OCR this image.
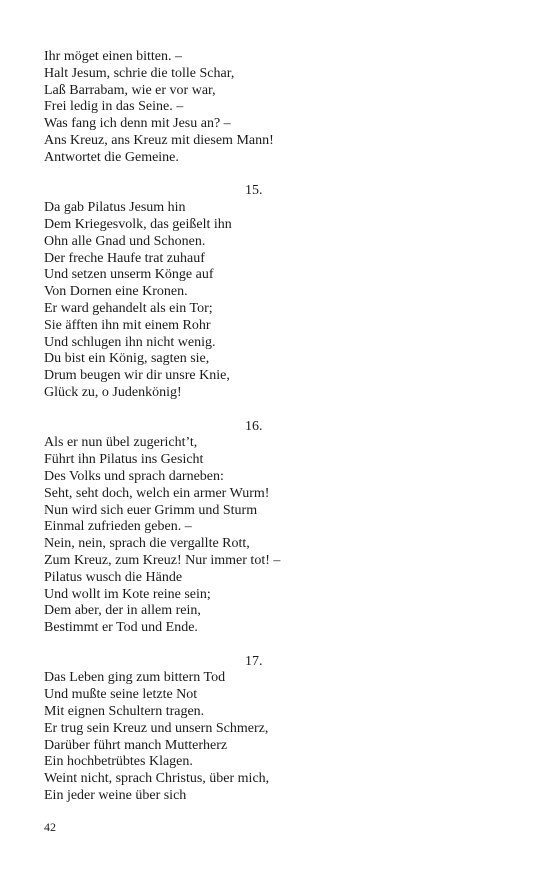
Ihr möget einen bitten. –
Halt Jesum, schrie die tolle Schar,
Laß Barrabam, wie er vor war,
Frei ledig in das Seine. –
Was fang ich denn mit Jesu an? –
Ans Kreuz, ans Kreuz mit diesem Mann!
Antwortet die Gemeine.
15.
Da gab Pilatus Jesum hin
Dem Kriegesvolk, das geißelt ihn
Ohn alle Gnad und Schonen.
Der freche Haufe trat zuhauf
Und setzen unserm Könge auf
Von Dornen eine Kronen.
Er ward gehandelt als ein Tor;
Sie äfften ihn mit einem Rohr
Und schlugen ihn nicht wenig.
Du bist ein König, sagten sie,
Drum beugen wir dir unsre Knie,
Glück zu, o Judenkönig!
16.
Als er nun übel zugericht’t,
Führt ihn Pilatus ins Gesicht
Des Volks und sprach darneben:
Seht, seht doch, welch ein armer Wurm!
Nun wird sich euer Grimm und Sturm
Einmal zufrieden geben. –
Nein, nein, sprach die vergallte Rott,
Zum Kreuz, zum Kreuz! Nur immer tot! –
Pilatus wusch die Hände
Und wollt im Kote reine sein;
Dem aber, der in allem rein,
Bestimmt er Tod und Ende.
17.
Das Leben ging zum bittern Tod
Und mußte seine letzte Not
Mit eignen Schultern tragen.
Er trug sein Kreuz und unsern Schmerz,
Darüber führt manch Mutterherz
Ein hochbetrübtes Klagen.
Weint nicht, sprach Christus, über mich,
Ein jeder weine über sich
42
